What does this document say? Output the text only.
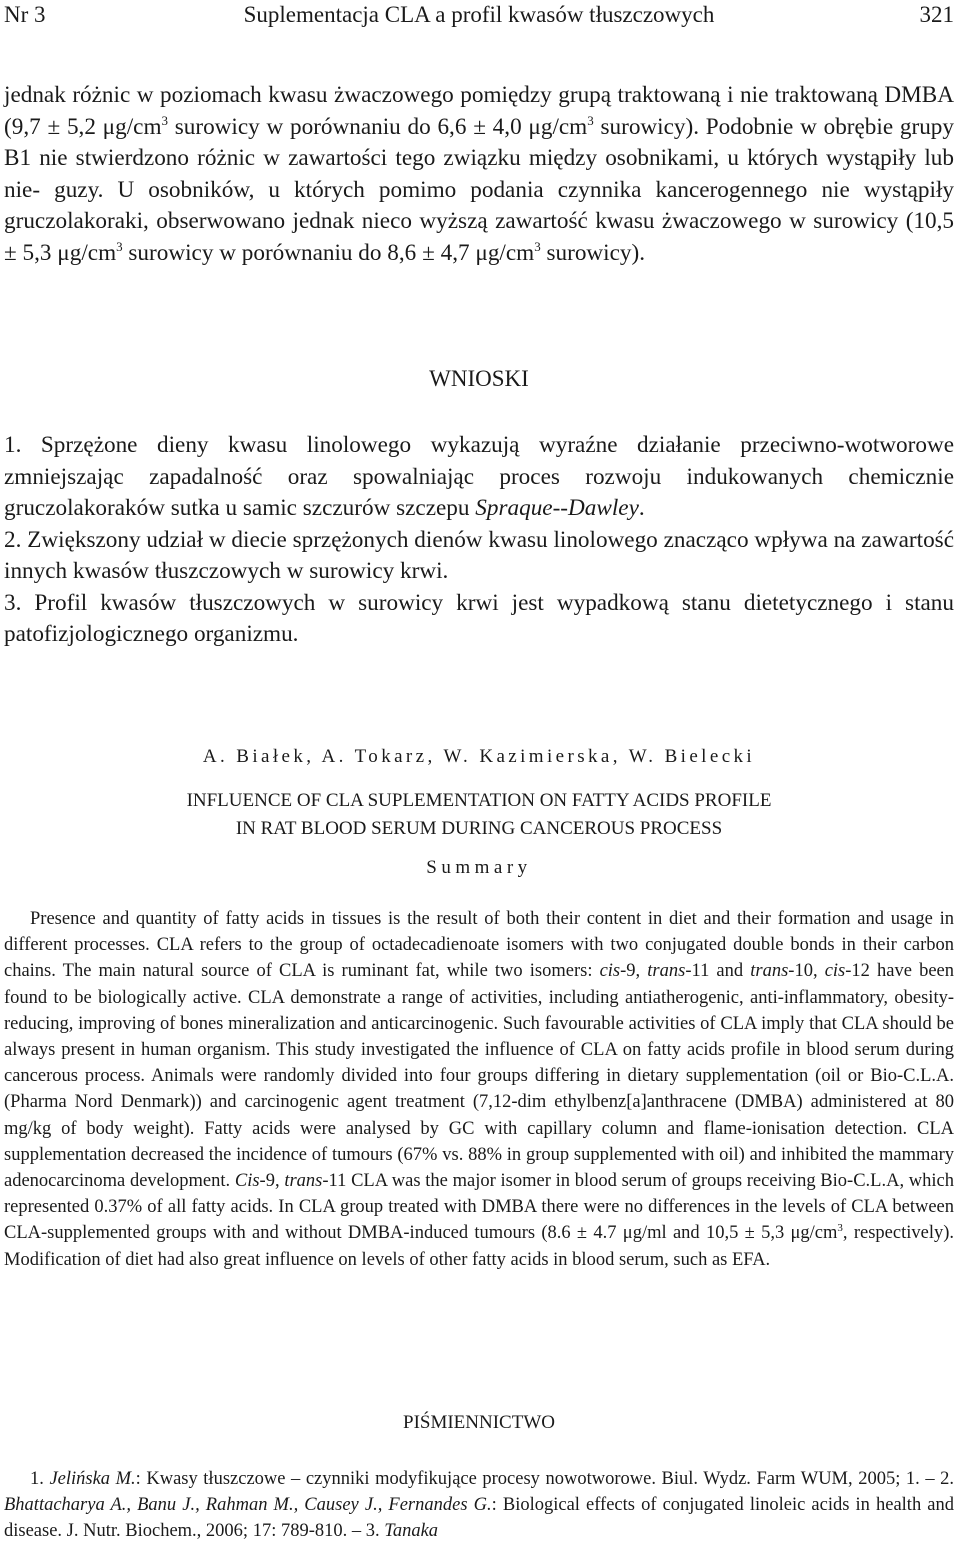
Nr 3	Suplementacja CLA a profil kwasów tłuszczowych	321
jednak różnic w poziomach kwasu żwaczowego pomiędzy grupą traktowaną i nie traktowaną DMBA (9,7 ± 5,2 $\mu g/cm^3$ surowicy w porównaniu do 6,6 ± 4,0 $\mu g/cm^3$ surowicy). Podobnie w obrębie grupy B1 nie stwierdzono różnic w zawartości tego związku między osobnikami, u których wystąpiły lub nie- guzy. U osobników, u których pomimo podania czynnika kancerogennego nie wystąpiły gruczolakoraki, obserwowano jednak nieco wyższą zawartość kwasu żwaczowego w surowicy (10,5 ± 5,3 $\mu g/cm^3$ surowicy w porównaniu do 8,6 ± 4,7 $\mu g/cm^3$ surowicy).
WNIOSKI

1. Sprzężone dieny kwasu linolowego wykazują wyraźne działanie przeciwno-wotworowe zmniejszając zapadalność oraz spowalniając proces rozwoju indukowanych chemicznie gruczolakoraków sutka u samic szczurów szczepu Spraque--Dawley.

2. Zwiększony udział w diecie sprzężonych dienów kwasu linolowego znacząco wpływa na zawartość innych kwasów tłuszczowych w surowicy krwi.

3. Profil kwasów tłuszczowych w surowicy krwi jest wypadkową stanu dietetycznego i stanu patofizjologicznego organizmu.

A. Białek, A. Tokarz, W. Kazimierska, W. Bielecki
INFLUENCE OF CLA SUPLEMENTATION ON FATTY ACIDS PROFILE
IN RAT BLOOD SERUM DURING CANCEROUS PROCESS
Summary
Presence and quantity of fatty acids in tissues is the result of both their content in diet and their formation and usage in different processes. CLA refers to the group of octadecadienoate isomers with two conjugated double bonds in their carbon chains. The main natural source of CLA is ruminant fat, while two isomers: cis-9, trans-11 and trans-10, cis-12 have been found to be biologically active. CLA demonstrate a range of activities, including antiatherogenic, anti-inflammatory, obesity-reducing, improving of bones mineralization and anticarcinogenic. Such favourable activities of CLA imply that CLA should be always present in human organism. This study investigated the influence of CLA on fatty acids profile in blood serum during cancerous process. Animals were randomly divided into four groups differing in dietary supplementation (oil or Bio-C.L.A. (Pharma Nord Denmark)) and carcinogenic agent treatment (7,12-dim ethylbenz[a]anthracene (DMBA) administered at 80 mg/kg of body weight). Fatty acids were analysed by GC with capillary column and flame-ionisation detection. CLA supplementation decreased the incidence of tumours (67% vs. 88% in group supplemented with oil) and inhibited the mammary adenocarcinoma development. Cis-9, trans-11 CLA was the major isomer in blood serum of groups receiving Bio-C.L.A, which represented 0.37% of all fatty acids. In CLA group treated with DMBA there were no differences in the levels of CLA between CLA-supplemented groups with and without DMBA-induced tumours (8.6 ± 4.7 μg/ml and 10,5 ± 5,3 $\mu g/cm^3$, respectively). Modification of diet had also great influence on levels of other fatty acids in blood serum, such as EFA.
PIŚMIENNICTWO
1. Jelińska M.: Kwasy tłuszczowe – czynniki modyfikujące procesy nowotworowe. Biul. Wydz. Farm WUM, 2005; 1. – 2. Bhattacharya A., Banu J., Rahman M., Causey J., Fernandes G.: Biological effects of conjugated linoleic acids in health and disease. J. Nutr. Biochem., 2006; 17: 789-810. – 3. Tanaka
